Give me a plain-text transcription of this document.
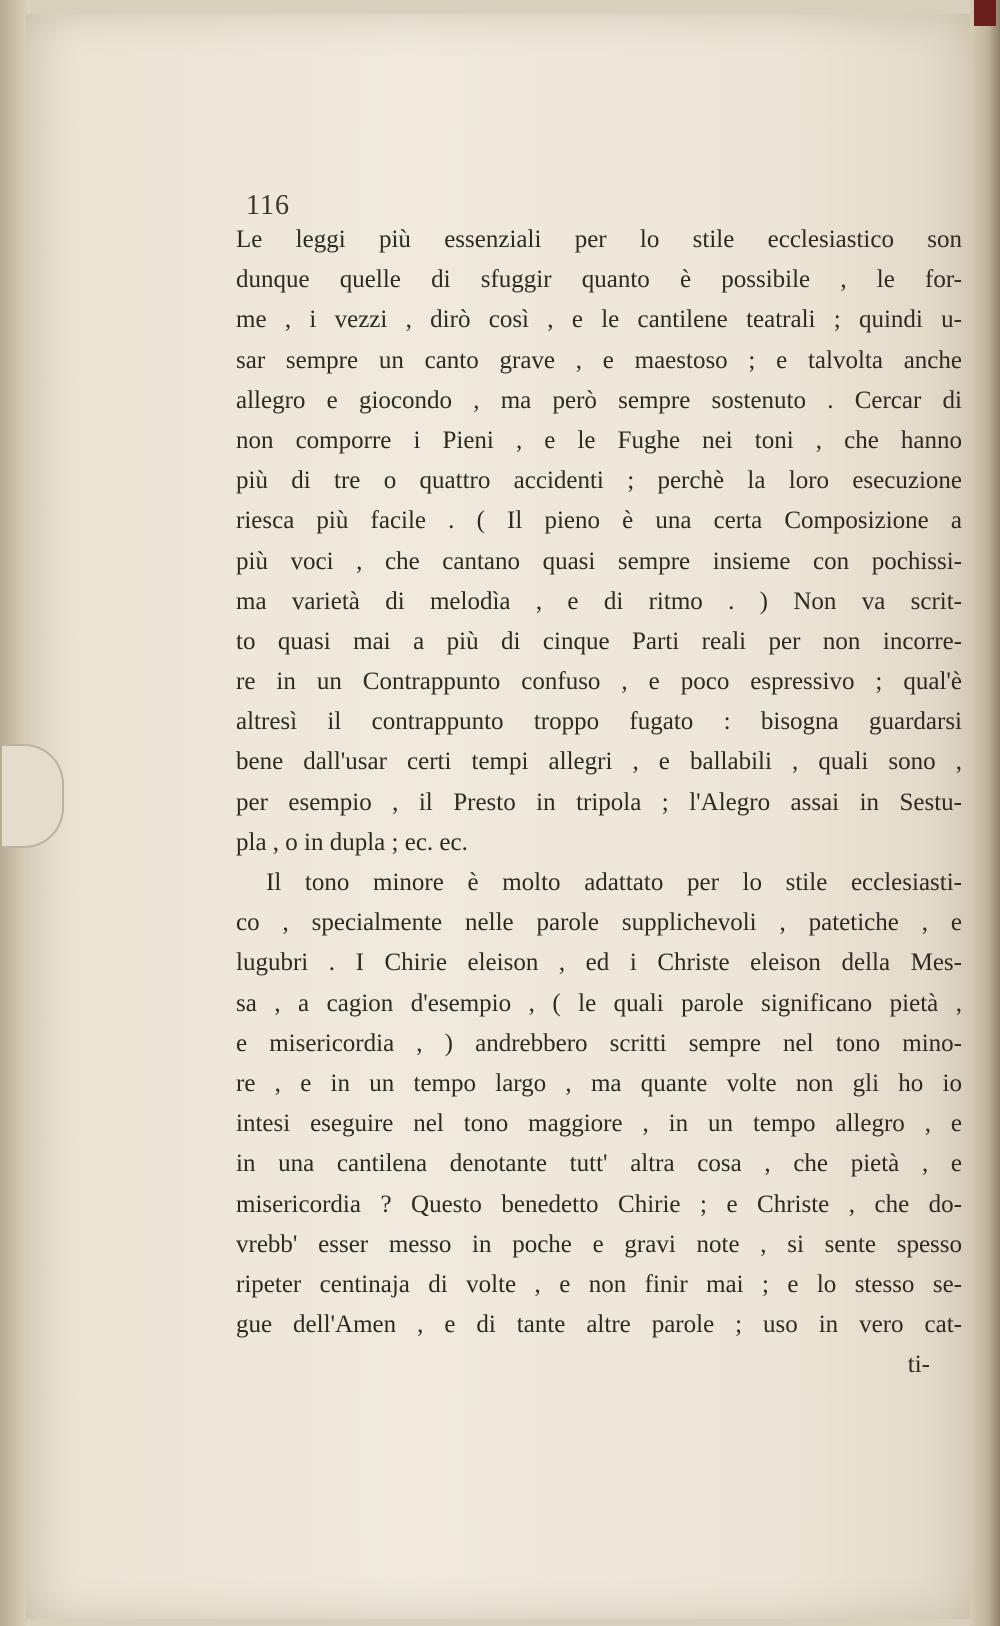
116
Le leggi più essenziali per lo stile ecclesiastico son
dunque quelle di sfuggir quanto è possibile , le for-
me , i vezzi , dirò così , e le cantilene teatrali ; quindi u-
sar sempre un canto grave , e maestoso ; e talvolta anche
allegro e giocondo , ma però sempre sostenuto . Cercar di
non comporre i Pieni , e le Fughe nei toni , che hanno
più di tre o quattro accidenti ; perchè la loro esecuzione
riesca più facile . ( Il pieno è una certa Composizione a
più voci , che cantano quasi sempre insieme con pochissi-
ma varietà di melodìa , e di ritmo . ) Non va scrit-
to quasi mai a più di cinque Parti reali per non incorre-
re in un Contrappunto confuso , e poco espressivo ; qual'è
altresì il contrappunto troppo fugato : bisogna guardarsi
bene dall'usar certi tempi allegri , e ballabili , quali sono ,
per esempio , il Presto in tripola ; l'Alegro assai in Sestu-
pla , o in dupla ; ec. ec.
Il tono minore è molto adattato per lo stile ecclesiasti-
co , specialmente nelle parole supplichevoli , patetiche , e
lugubri . I Chirie eleison , ed i Christe eleison della Mes-
sa , a cagion d'esempio , ( le quali parole significano pietà ,
e misericordia , ) andrebbero scritti sempre nel tono mino-
re , e in un tempo largo , ma quante volte non gli ho io
intesi eseguire nel tono maggiore , in un tempo allegro , e
in una cantilena denotante tutt' altra cosa , che pietà , e
misericordia ? Questo benedetto Chirie ; e Christe , che do-
vrebb' esser messo in poche e gravi note , si sente spesso
ripeter centinaja di volte , e non finir mai ; e lo stesso se-
gue dell'Amen , e di tante altre parole ; uso in vero cat-
ti-
